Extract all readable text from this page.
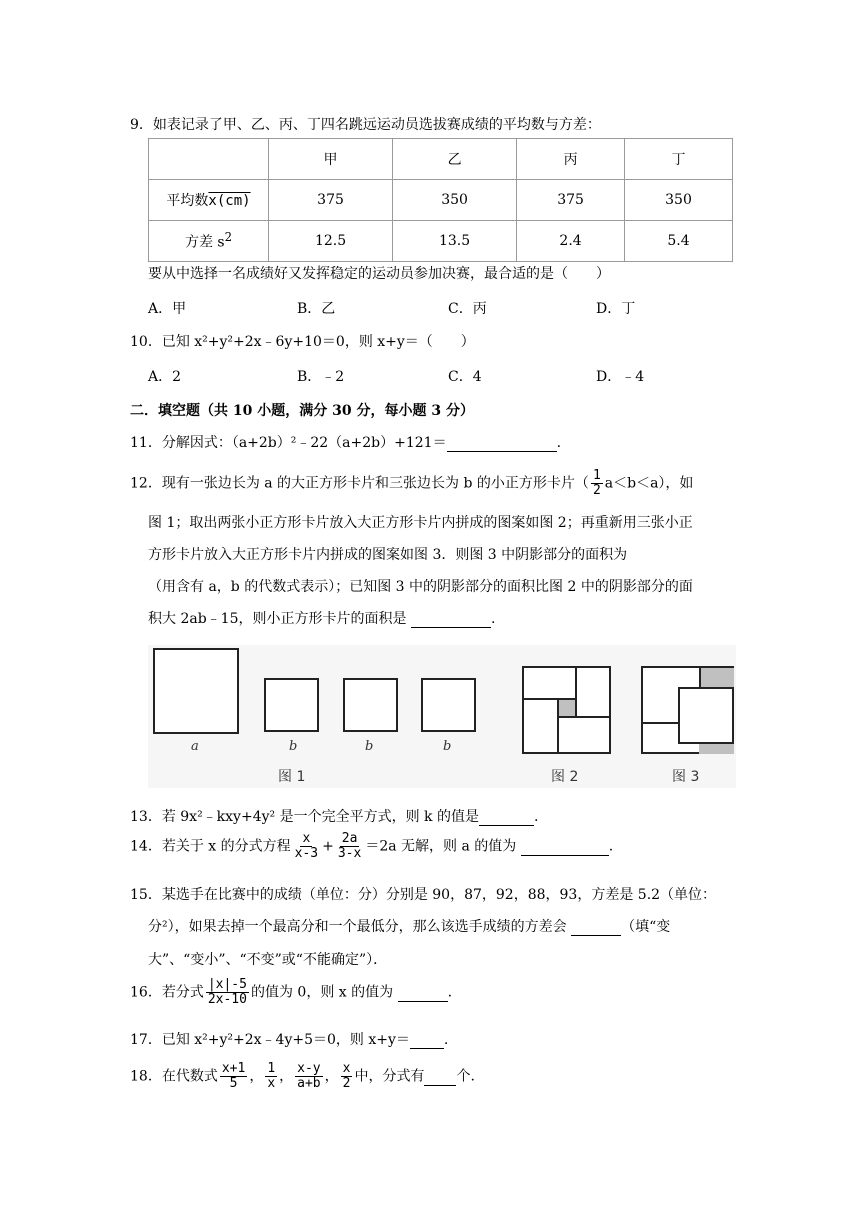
9．如表记录了甲、乙、丙、丁四名跳远运动员选拔赛成绩的平均数与方差：
	甲	乙	丙	丁
平均数x(cm)	375	350	375	350
方差 $s^2$	12.5	13.5	2.4	5.4
要从中选择一名成绩好又发挥稳定的运动员参加决赛，最合适的是（　　）
A．甲	B．乙	C．丙	D．丁
10．已知 x²+y²+2x﹣6y+10＝0，则 x+y＝（　　）
A．2	B．﹣2	C．4	D．﹣4
二．填空题（共 10 小题，满分 30 分，每小题 3 分）
11．分解因式：（a+2b）²﹣22（a+2b）+121＝	.
12．现有一张边长为 a 的大正方形卡片和三张边长为 b 的小正方形卡片（ $\frac{1}{2} a<b<a$），如
图 1；取出两张小正方形卡片放入大正方形卡片内拼成的图案如图 2；再重新用三张小正
方形卡片放入大正方形卡片内拼成的图案如图 3．则图 3 中阴影部分的面积为
（用含有 a，b 的代数式表示）；已知图 3 中的阴影部分的面积比图 2 中的阴影部分的面
积大 2ab﹣15，则小正方形卡片的面积是	.
a	b	b	b
图 1	图 2	图 3
13．若 9x²﹣kxy+4y² 是一个完全平方式，则 k 的值是	.
14．若关于 x 的分式方程 $\frac{x}{x-3} + \frac{2a}{3-x} =2a$ 无解，则 a 的值为	.
15．某选手在比赛中的成绩（单位：分）分别是 90，87，92，88，93，方差是 5.2（单位：
分²），如果去掉一个最高分和一个最低分，那么该选手成绩的方差会	（填“变
大”、“变小”、“不变”或“不能确定”）．
16．若分式 $\frac{|x|-5}{2x-10}$ 的值为 0，则 x 的值为	.
17．已知 x²+y²+2x﹣4y+5＝0，则 x+y＝ .
18．在代数式 $\frac{x+1}{5}$ ， $\frac{1}{x}$ ， $\frac{x-y}{a+b}$ ， $\frac{x}{2}$ 中，分式有 个.
